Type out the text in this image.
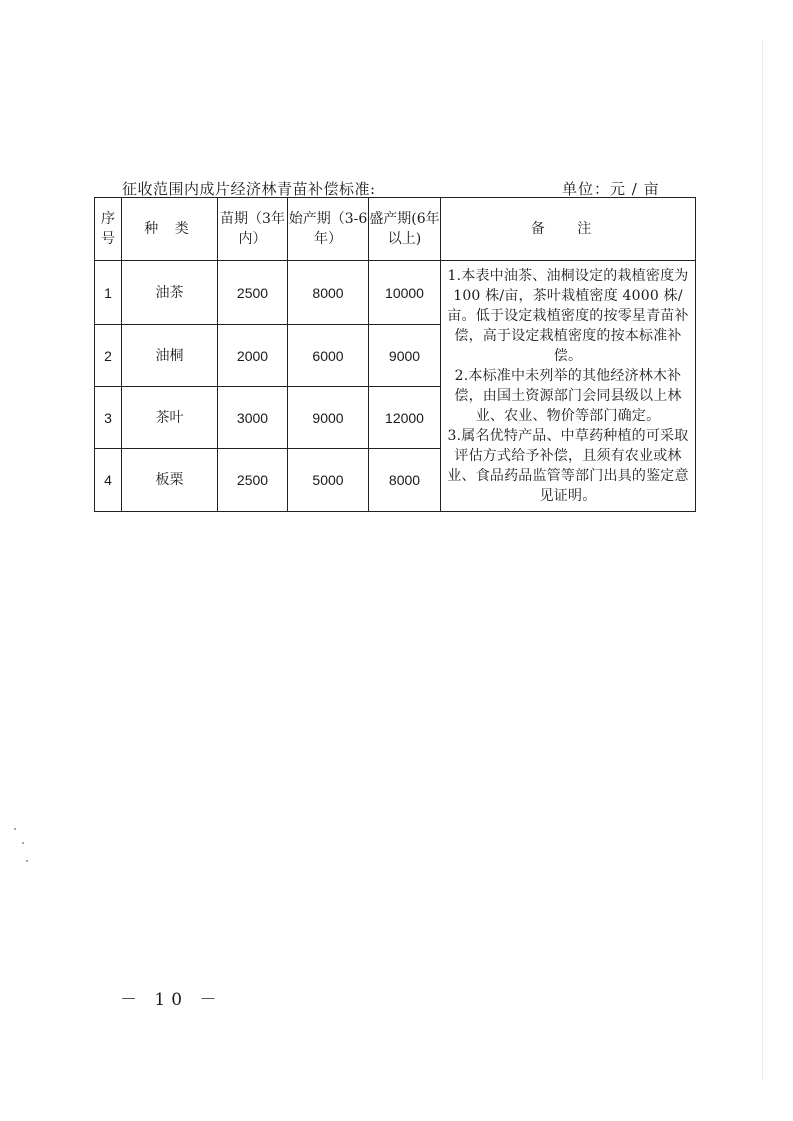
征收范围内成片经济林青苗补偿标准:	单位：元 / 亩
序号	种 类	苗期（3年内）	始产期（3-6年）	盛产期(6年以上)	备 注
1	油茶	2500	8000	10000	1.本表中油茶、油桐设定的栽植密度为 100 株/亩，茶叶栽植密度 4000 株/亩。低于设定栽植密度的按零星青苗补偿，高于设定栽植密度的按本标准补偿。

2.本标准中未列举的其他经济林木补偿，由国土资源部门会同县级以上林业、农业、物价等部门确定。

3.属名优特产品、中草药种植的可采取评估方式给予补偿，且须有农业或林业、食品药品监管等部门出具的鉴定意见证明。

2	油桐	2000	6000	9000	
3	茶叶	3000	9000	12000	
4	板栗	2500	5000	8000	
－ 10 －
